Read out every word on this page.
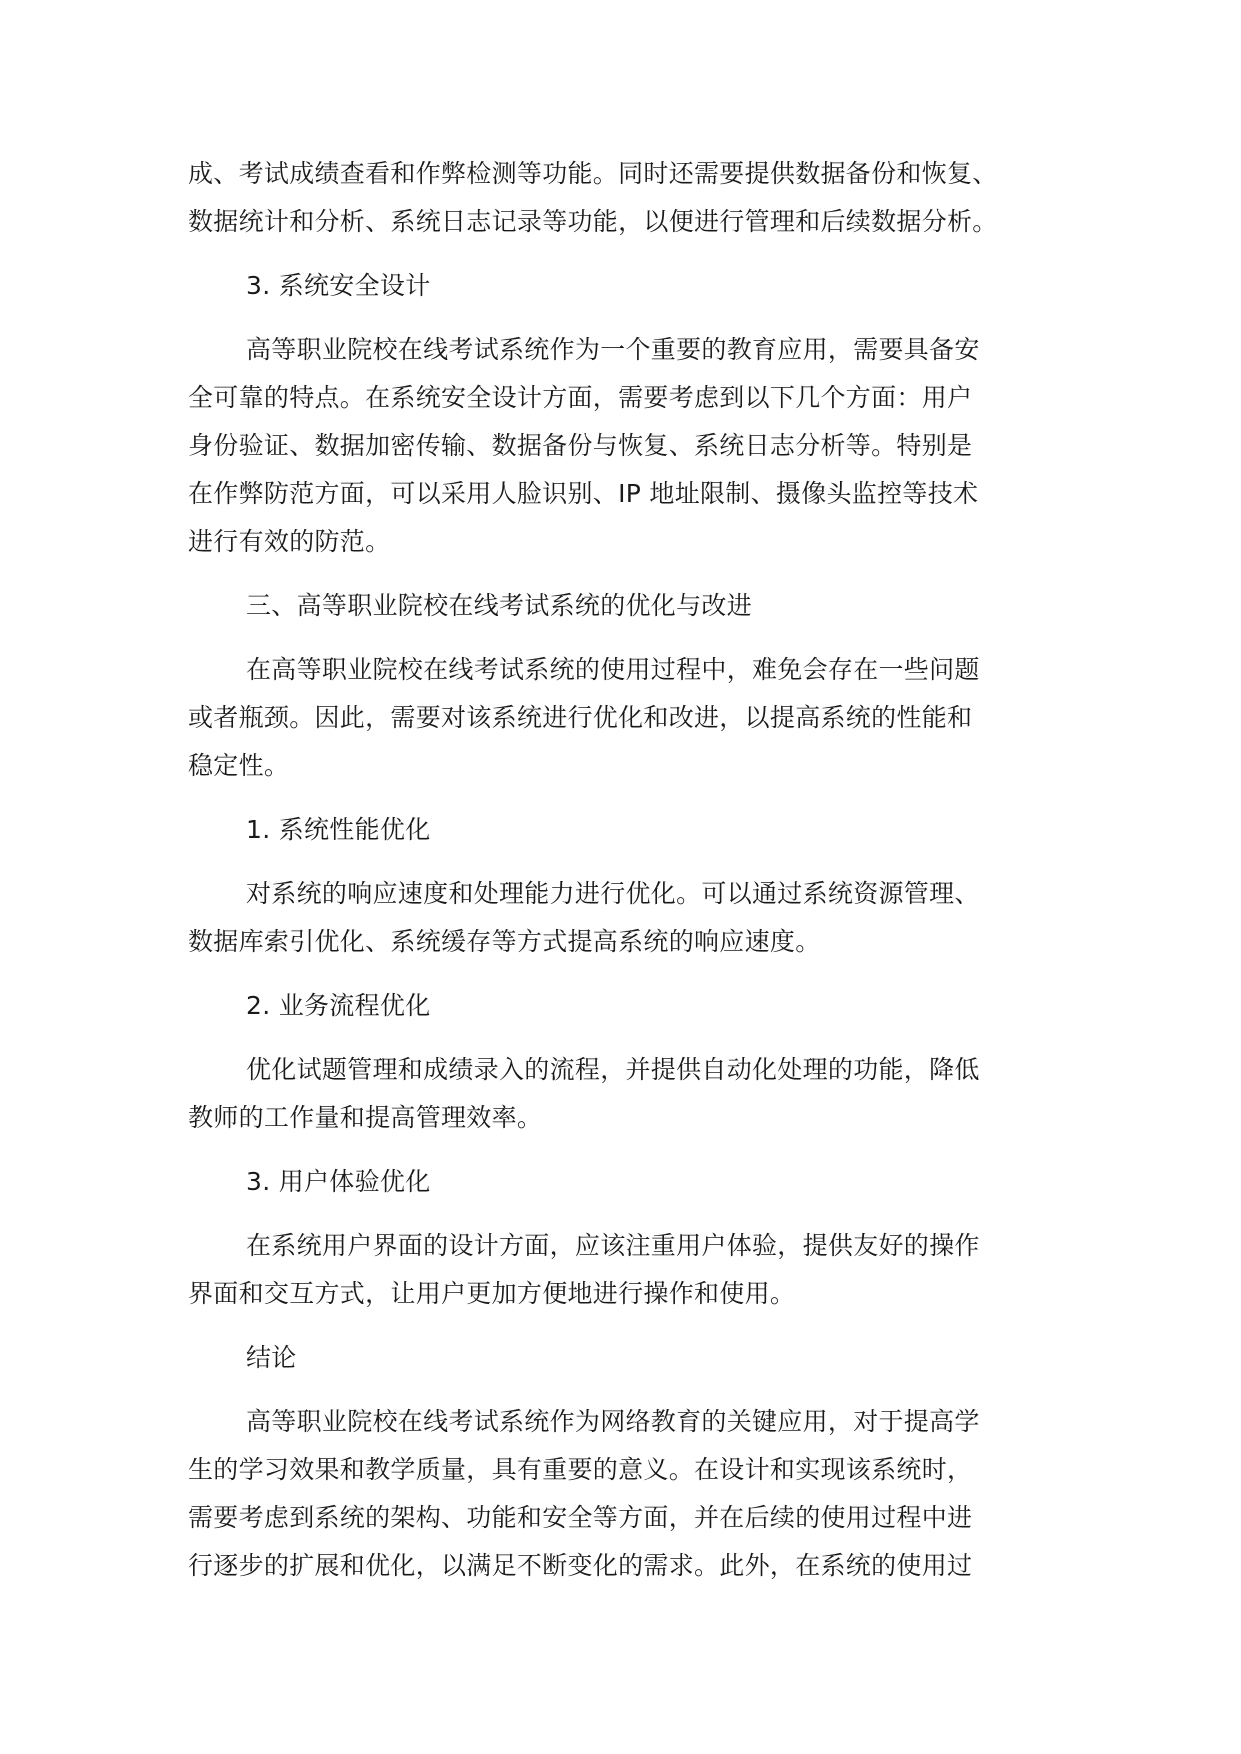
成、考试成绩查看和作弊检测等功能。同时还需要提供数据备份和恢复、
数据统计和分析、系统日志记录等功能，以便进行管理和后续数据分析。

3. 系统安全设计

高等职业院校在线考试系统作为一个重要的教育应用，需要具备安
全可靠的特点。在系统安全设计方面，需要考虑到以下几个方面：用户
身份验证、数据加密传输、数据备份与恢复、系统日志分析等。特别是
在作弊防范方面，可以采用人脸识别、IP 地址限制、摄像头监控等技术
进行有效的防范。

三、高等职业院校在线考试系统的优化与改进

在高等职业院校在线考试系统的使用过程中，难免会存在一些问题
或者瓶颈。因此，需要对该系统进行优化和改进，以提高系统的性能和
稳定性。

1. 系统性能优化

对系统的响应速度和处理能力进行优化。可以通过系统资源管理、
数据库索引优化、系统缓存等方式提高系统的响应速度。

2. 业务流程优化

优化试题管理和成绩录入的流程，并提供自动化处理的功能，降低
教师的工作量和提高管理效率。

3. 用户体验优化

在系统用户界面的设计方面，应该注重用户体验，提供友好的操作
界面和交互方式，让用户更加方便地进行操作和使用。

结论

高等职业院校在线考试系统作为网络教育的关键应用，对于提高学
生的学习效果和教学质量，具有重要的意义。在设计和实现该系统时，
需要考虑到系统的架构、功能和安全等方面，并在后续的使用过程中进
行逐步的扩展和优化，以满足不断变化的需求。此外，在系统的使用过
